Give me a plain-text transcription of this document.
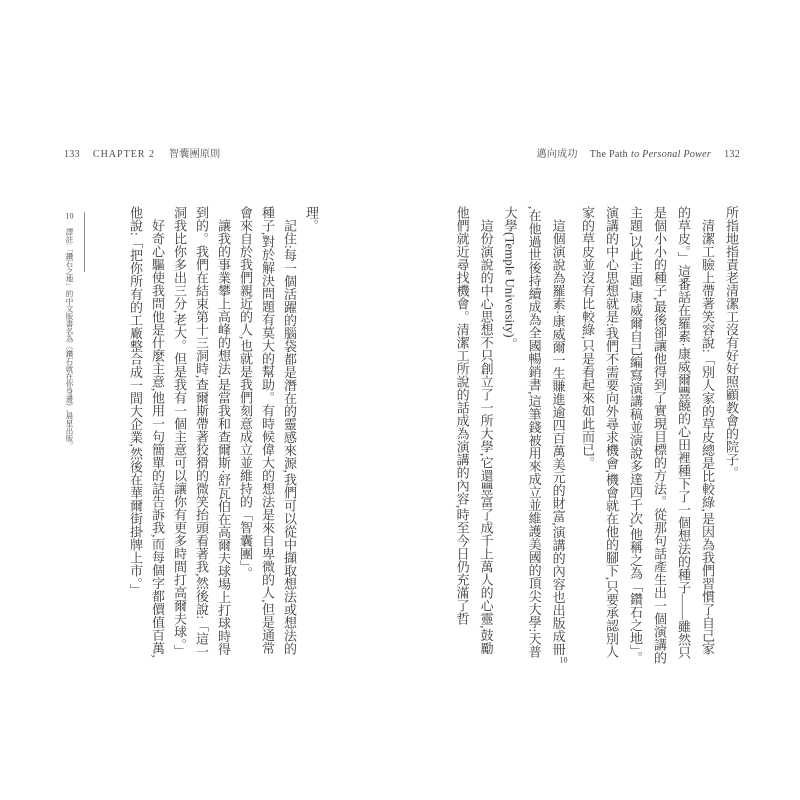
133 CHAPTER 2 智囊團原則	邁向成功 The Path to Personal Power 132

所指地指責老清潔工沒有好好照顧教會的院子。

清潔工臉上帶著笑容說:「別人家的草皮總是比較綠,是因為我們習慣了自己家的草皮。」這番話在羅素·康威爾豐饒的心田裡種下了一個想法的種子——雖然只是個小小的種子,最後卻讓他得到了實現目標的方法。從那句話產生出一個演講的主題,以此主題,康威爾自己編寫演講稿並演說多達四千次,他稱之為「鑽石之地」。演講的中心思想就是:我們不需要向外尋求機會,機會就在他的腳下,只要承認別人家的草皮並沒有比較綠,只是看起來如此而已。

這個演說為羅素·康威爾一生賺進逾四百萬美元的財富,演講的內容也出版成冊$^{10}$,在他過世後持續成為全國暢銷書,這筆錢被用來成立並維護美國的頂尖大學:天普大學(Temple University)。

這份演說的中心思想不只創立了一所大學,它還豐富了成千上萬人的心靈,鼓勵他們就近尋找機會。清潔工所說的話成為演講的內容,時至今日仍充滿了哲

理。

記住:每一個活躍的腦袋都是潛在的靈感來源,我們可以從中擷取想法或想法的種子,對於解決問題有莫大的幫助。有時候偉大的想法是來自卑微的人,但是通常會來自於我們親近的人,也就是我們刻意成立並維持的「智囊團」。

讓我的事業攀上高峰的想法,是當我和查爾斯·舒瓦伯在高爾夫球場上打球時得到的。我們在結束第十三洞時,查爾斯帶著狡猾的微笑抬頭看著我,然後說:「這一洞我比你多出三分,老大。但是我有一個主意可以讓你有更多時間打高爾夫球。」

好奇心驅使我問他是什麼主意,他用一句簡單的話告訴我,而每個字都價值百萬,他說:「把你所有的工廠整合成一間大企業,然後在華爾街掛牌上市。」

10譯註:「鑽石之地」的中文版書名為《鑽石就在你身邊》,晨星出版。
